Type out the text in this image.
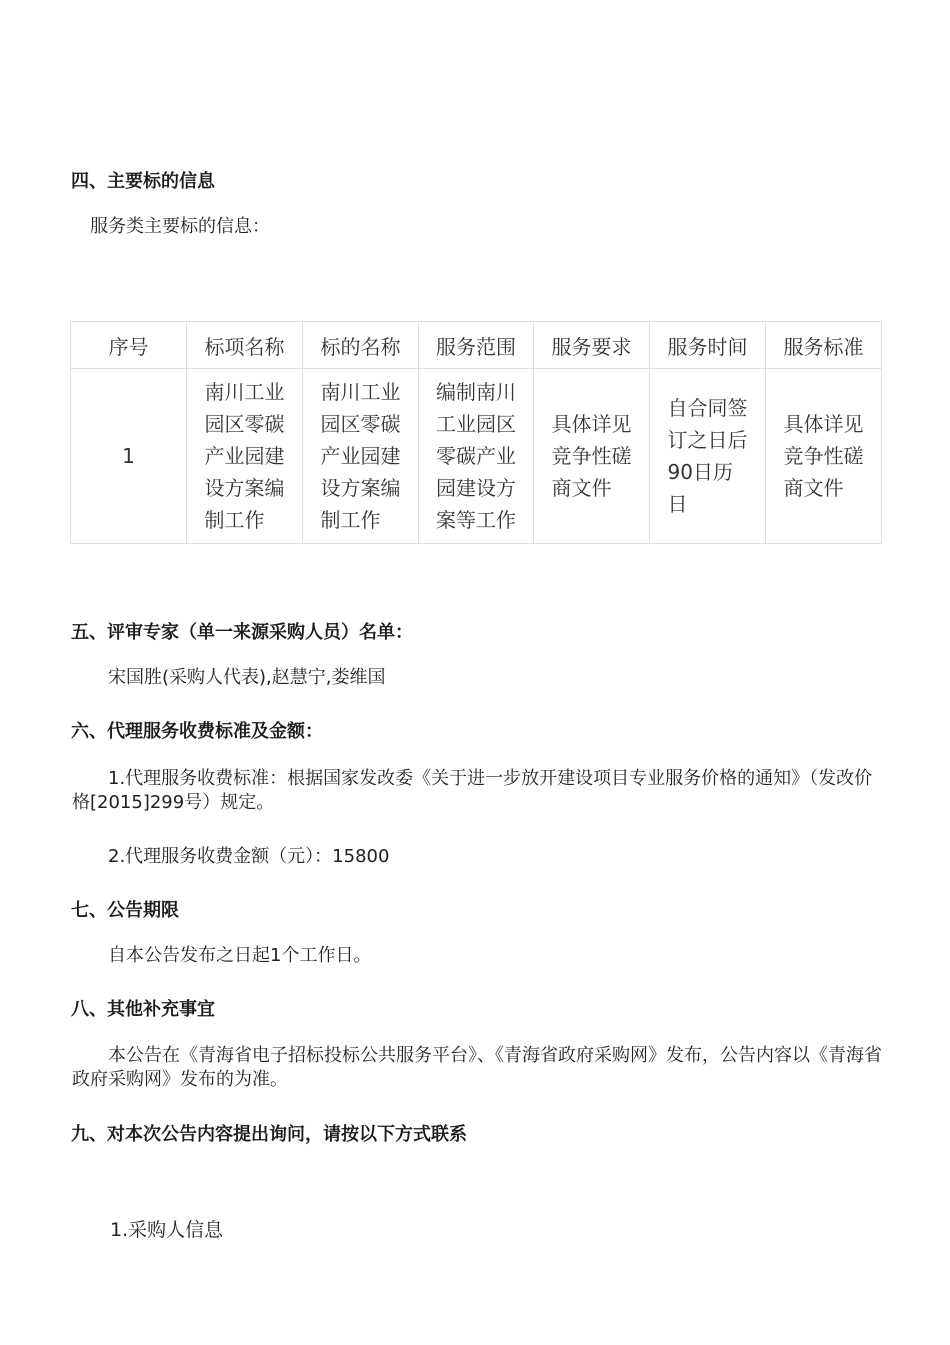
四、主要标的信息
服务类主要标的信息：
序号	标项名称	标的名称	服务范围	服务要求	服务时间	服务标准

1	南川工业园区零碳产业园建设方案编制工作	南川工业园区零碳产业园建设方案编制工作	编制南川工业园区零碳产业园建设方案等工作	具体详见竞争性磋商文件	自合同签订之日后90日历日	具体详见竞争性磋商文件
五、评审专家（单一来源采购人员）名单：
宋国胜(采购人代表),赵慧宁,娄维国
六、代理服务收费标准及金额：
1.代理服务收费标准：根据国家发改委《关于进一步放开建设项目专业服务价格的通知》（发改价格[2015]299号）规定。
2.代理服务收费金额（元）：15800
七、公告期限
自本公告发布之日起1个工作日。
八、其他补充事宜
本公告在《青海省电子招标投标公共服务平台》、《青海省政府采购网》发布，公告内容以《青海省政府采购网》发布的为准。
九、对本次公告内容提出询问，请按以下方式联系
1.采购人信息
